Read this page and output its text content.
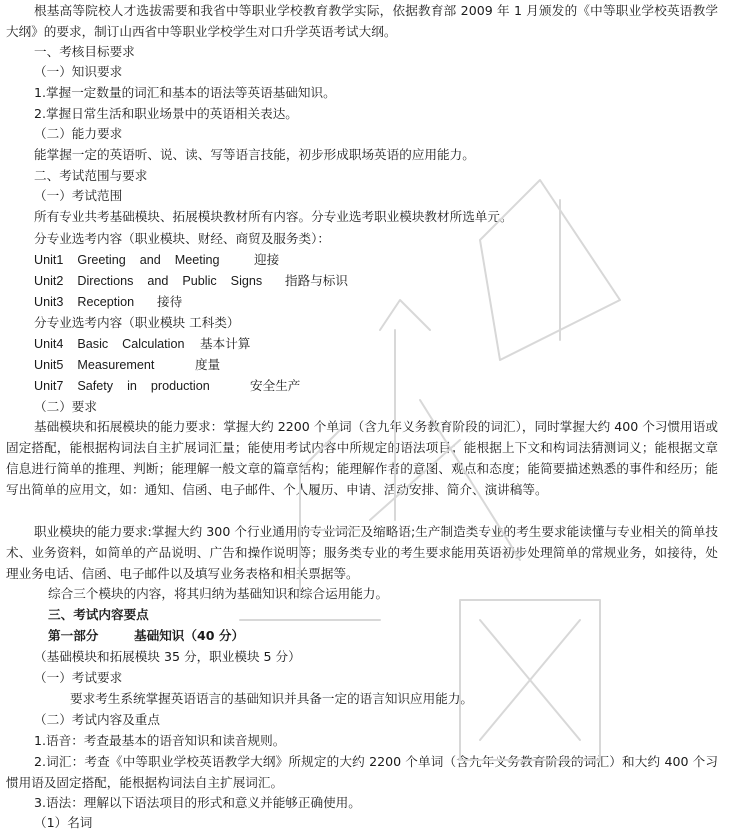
根基高等院校人才选拔需要和我省中等职业学校教育教学实际，依据教育部 2009 年 1 月颁发的《中等职业学校英语教学大纲》的要求，制订山西省中等职业学校学生对口升学英语考试大纲。
一、考核目标要求
（一）知识要求
1.掌握一定数量的词汇和基本的语法等英语基础知识。
2.掌握日常生活和职业场景中的英语相关表达。
（二）能力要求
能掌握一定的英语听、说、读、写等语言技能，初步形成职场英语的应用能力。
二、考试范围与要求
（一）考试范围
所有专业共考基础模块、拓展模块教材所有内容。分专业选考职业模块教材所选单元。
分专业选考内容（职业模块、财经、商贸及服务类）：
Unit1    Greeting    and    Meeting	迎接
Unit2    Directions    and    Public    Signs 指路与标识
Unit3    Reception 接待
分专业选考内容（职业模块 工科类）
Unit4    Basic    Calculation 基本计算
Unit5    Measurement	度量
Unit7    Safety    in    production	安全生产
（二）要求
基础模块和拓展模块的能力要求：掌握大约 2200 个单词（含九年义务教育阶段的词汇），同时掌握大约 400 个习惯用语或固定搭配，能根据构词法自主扩展词汇量；能使用考试内容中所规定的语法项目；能根据上下文和构词法猜测词义；能根据文章信息进行简单的推理、判断；能理解一般文章的篇章结构；能理解作者的意图、观点和态度；能简要描述熟悉的事件和经历；能写出简单的应用文，如：通知、信函、电子邮件、个人履历、申请、活动安排、简介、演讲稿等。
职业模块的能力要求:掌握大约 300 个行业通用的专业词汇及缩略语;生产制造类专业的考生要求能读懂与专业相关的简单技术、业务资料，如简单的产品说明、广告和操作说明等；服务类专业的考生要求能用英语初步处理简单的常规业务，如接待，处理业务电话、信函、电子邮件以及填写业务表格和相关票据等。
综合三个模块的内容，将其归纳为基础知识和综合运用能力。
三、考试内容要点
第一部分	基础知识（40 分）
（基础模块和拓展模块 35 分，职业模块 5 分）
（一）考试要求
要求考生系统掌握英语语言的基础知识并具备一定的语言知识应用能力。
（二）考试内容及重点
1.语音：考查最基本的语音知识和读音规则。
2.词汇：考查《中等职业学校英语教学大纲》所规定的大约 2200 个单词（含九年义务教育阶段的词汇）和大约 400 个习惯用语及固定搭配，能根据构词法自主扩展词汇。
3.语法：理解以下语法项目的形式和意义并能够正确使用。
（1）名词
